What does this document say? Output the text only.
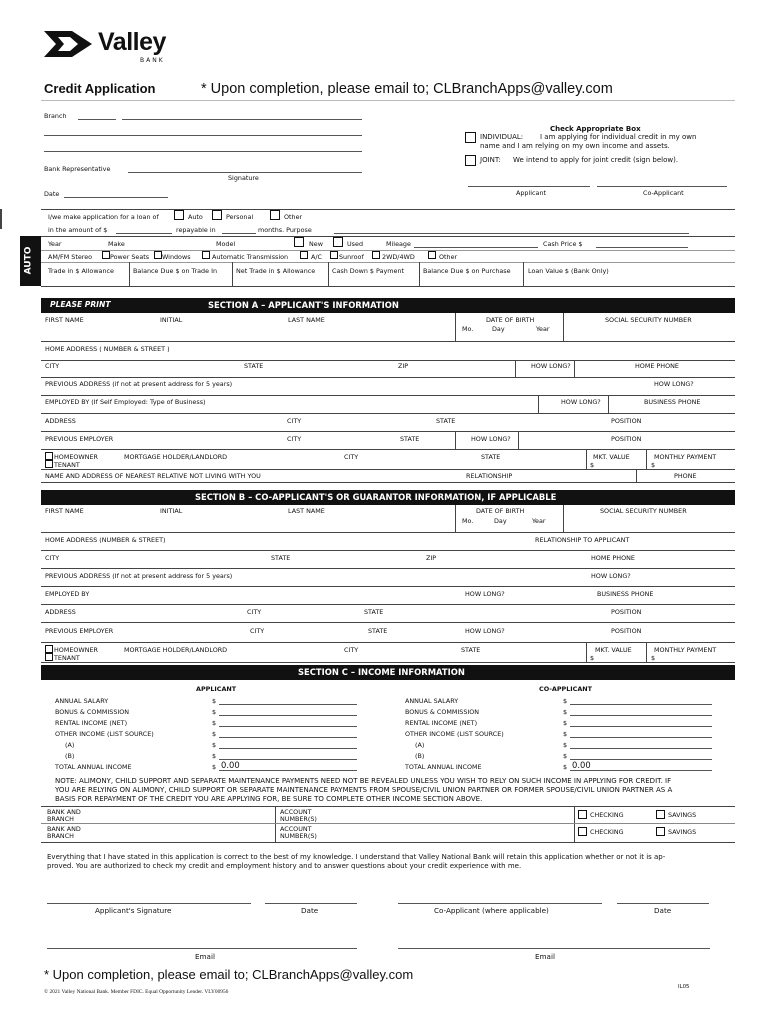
Valley
BANK
Credit Application	* Upon completion, please email to; CLBranchApps@valley.com
Branch
Bank Representative
Signature
Date
Check Appropriate Box
INDIVIDUAL: I am applying for individual credit in my own
name and I am relying on my own income and assets.
JOINT: We intend to apply for joint credit (sign below).
Applicant	Co-Applicant
I/we make application for a loan of	Auto	Personal	Other
in the amount of $	repayable in	months. Purpose
AUTO
Year	Make	Model	New	Used	Mileage	Cash Price $
AM/FM Stereo	Power Seats Windows	Automatic Transmission	A/C	Sunroof	2WD/4WD	Other
Trade in $ Allowance	Balance Due $ on Trade In	Net Trade in $ Allowance	Cash Down $ Payment	Balance Due $ on Purchase	Loan Value $ (Bank Only)
PLEASE PRINT	SECTION A – APPLICANT'S INFORMATION
FIRST NAME	INITIAL	LAST NAME	DATE OF BIRTH
Mo.	Day	Year
SOCIAL SECURITY NUMBER
HOME ADDRESS ( NUMBER & STREET )
CITY	STATE	ZIP	HOW LONG?	HOME PHONE
PREVIOUS ADDRESS (if not at present address for 5 years)	HOW LONG?
EMPLOYED BY (If Self Employed: Type of Business)	HOW LONG?	BUSINESS PHONE
ADDRESS	CITY	STATE	POSITION
PREVIOUS EMPLOYER	CITY	STATE	HOW LONG?	POSITION
HOMEOWNER
TENANT
MORTGAGE HOLDER/LANDLORD	CITY	STATE	MKT. VALUE
$
MONTHLY PAYMENT
$
NAME AND ADDRESS OF NEAREST RELATIVE NOT LIVING WITH YOU	RELATIONSHIP	PHONE
SECTION B – CO-APPLICANT'S OR GUARANTOR INFORMATION, IF APPLICABLE
FIRST NAME	INITIAL	LAST NAME	DATE OF BIRTH
Mo.	Day	Year
SOCIAL SECURITY NUMBER
HOME ADDRESS (NUMBER & STREET)	RELATIONSHIP TO APPLICANT
CITY	STATE	ZIP	HOME PHONE
PREVIOUS ADDRESS (If not at present address for 5 years)	HOW LONG?
EMPLOYED BY	HOW LONG?	BUSINESS PHONE
ADDRESS	CITY	STATE	POSITION
PREVIOUS EMPLOYER	CITY	STATE	HOW LONG?	POSITION
HOMEOWNER
TENANT
MORTGAGE HOLDER/LANDLORD	CITY	STATE	MKT. VALUE
$
MONTHLY PAYMENT
$
SECTION C – INCOME INFORMATION
APPLICANT	CO-APPLICANT
ANNUAL SALARY	$	ANNUAL SALARY	$
BONUS & COMMISSION	$	BONUS & COMMISSION	$
RENTAL INCOME (NET)	$	RENTAL INCOME (NET)	$
OTHER INCOME (LIST SOURCE)	$	OTHER INCOME (LIST SOURCE)	$
(A)	$	(A)	$
(B)	$	(B)	$
TOTAL ANNUAL INCOME	$ 0.00	TOTAL ANNUAL INCOME	$ 0.00
NOTE: ALIMONY, CHILD SUPPORT AND SEPARATE MAINTENANCE PAYMENTS NEED NOT BE REVEALED UNLESS YOU WISH TO RELY ON SUCH INCOME IN APPLYING FOR CREDIT. IF
YOU ARE RELYING ON ALIMONY, CHILD SUPPORT OR SEPARATE MAINTENANCE PAYMENTS FROM SPOUSE/CIVIL UNION PARTNER OR FORMER SPOUSE/CIVIL UNION PARTNER AS A
BASIS FOR REPAYMENT OF THE CREDIT YOU ARE APPLYING FOR, BE SURE TO COMPLETE OTHER INCOME SECTION ABOVE.
BANK AND
BRANCH
ACCOUNT
NUMBER(S)	CHECKING	SAVINGS
BANK AND
BRANCH
ACCOUNT
NUMBER(S)	CHECKING	SAVINGS
Everything that I have stated in this application is correct to the best of my knowledge. I understand that Valley National Bank will retain this application whether or not it is ap-
proved. You are authorized to check my credit and employment history and to answer questions about your credit experience with me.
Applicant's Signature	Date	Co-Applicant (where applicable)	Date
Email	Email
* Upon completion, please email to; CLBranchApps@valley.com
© 2021 Valley National Bank. Member FDIC. Equal Opportunity Lender. VLY00956
IL05
